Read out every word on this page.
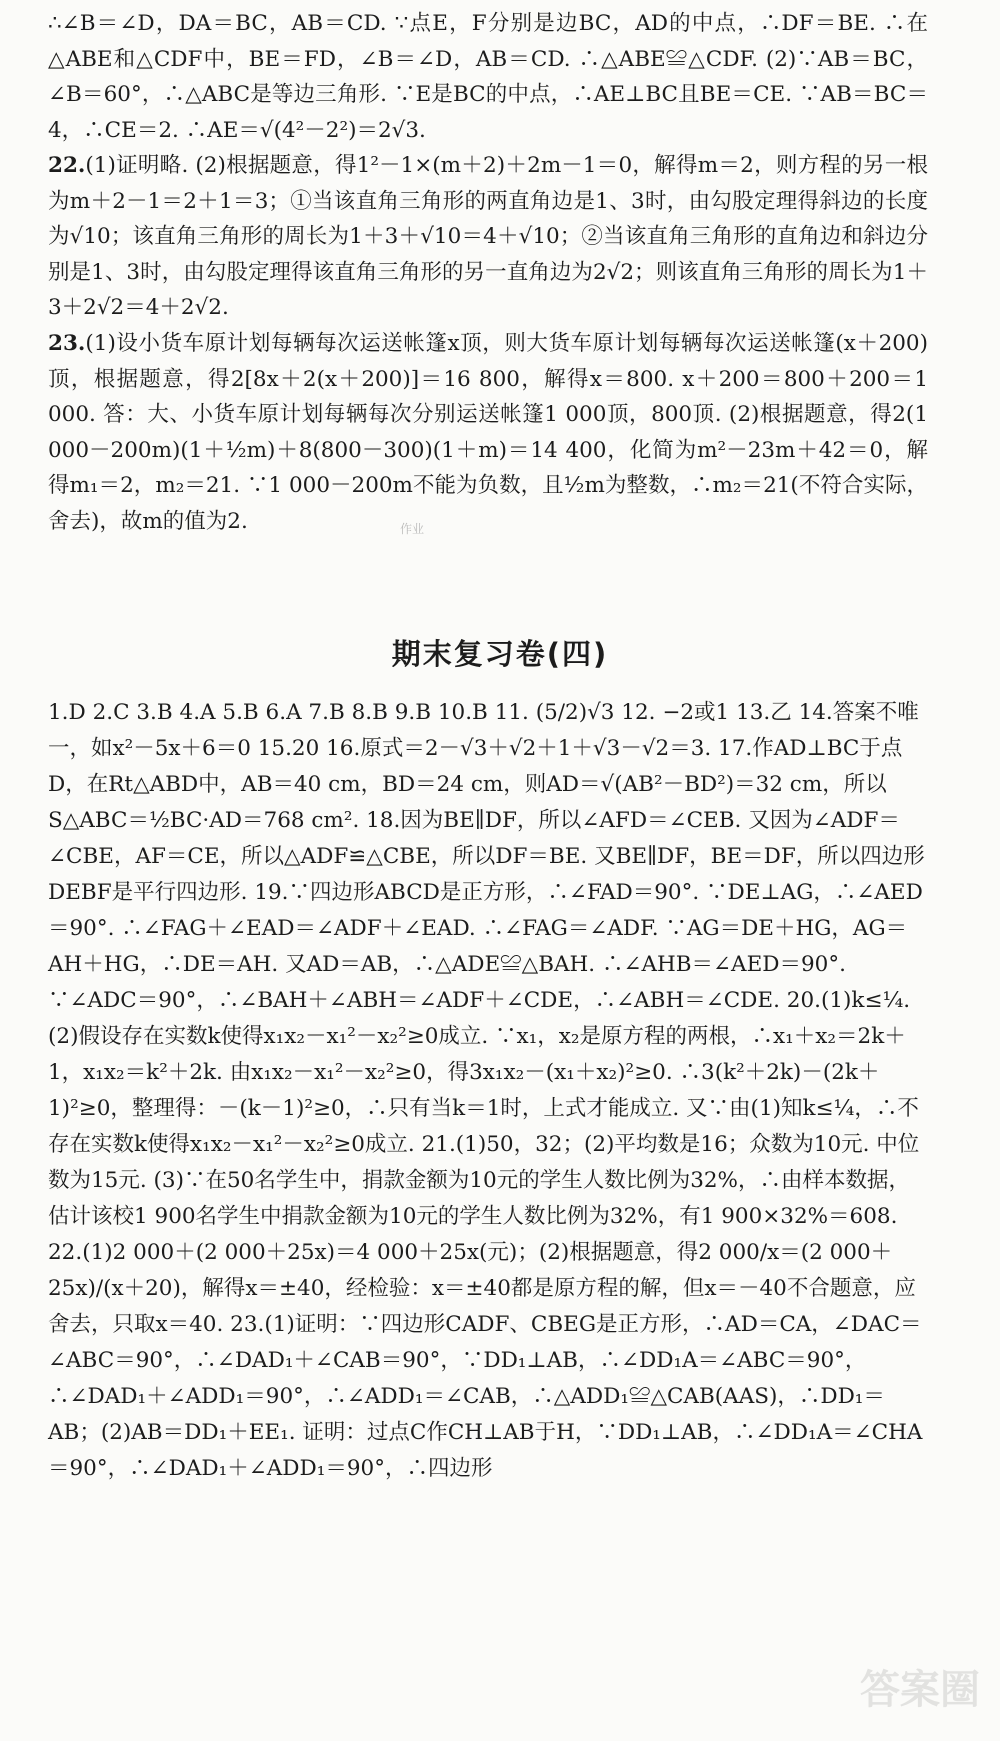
∴∠B＝∠D，DA＝BC，AB＝CD. ∵点E，F分别是边BC，AD的中点，∴DF＝BE. ∴在△ABE和△CDF中，BE＝FD，∠B＝∠D，AB＝CD. ∴△ABE≌△CDF. (2)∵AB＝BC，∠B＝60°，∴△ABC是等边三角形. ∵E是BC的中点，∴AE⊥BC且BE＝CE. ∵AB＝BC＝4，∴CE＝2. ∴AE＝√(4²－2²)＝2√3.
22.(1)证明略. (2)根据题意，得1²－1×(m＋2)＋2m－1＝0，解得m＝2，则方程的另一根为m＋2－1＝2＋1＝3；①当该直角三角形的两直角边是1、3时，由勾股定理得斜边的长度为√10；该直角三角形的周长为1＋3＋√10＝4＋√10；②当该直角三角形的直角边和斜边分别是1、3时，由勾股定理得该直角三角形的另一直角边为2√2；则该直角三角形的周长为1＋3＋2√2＝4＋2√2.
23.(1)设小货车原计划每辆每次运送帐篷x顶，则大货车原计划每辆每次运送帐篷(x＋200)顶，根据题意，得2[8x＋2(x＋200)]＝16 800，解得x＝800. x＋200＝800＋200＝1 000. 答：大、小货车原计划每辆每次分别运送帐篷1 000顶，800顶. (2)根据题意，得2(1 000－200m)(1＋½m)＋8(800－300)(1＋m)＝14 400，化简为m²－23m＋42＝0，解得m₁＝2，m₂＝21. ∵1 000－200m不能为负数，且½m为整数，∴m₂＝21(不符合实际，舍去)，故m的值为2.	作业
期末复习卷(四)
1.D 2.C 3.B 4.A 5.B 6.A 7.B 8.B 9.B 10.B 11. (5/2)√3 12. −2或1 13.乙 14.答案不唯一，如x²－5x＋6＝0 15.20 16.原式＝2－√3＋√2＋1＋√3－√2＝3. 17.作AD⊥BC于点D，在Rt△ABD中，AB＝40 cm，BD＝24 cm，则AD＝√(AB²－BD²)＝32 cm，所以S△ABC＝½BC·AD＝768 cm². 18.因为BE∥DF，所以∠AFD＝∠CEB. 又因为∠ADF＝∠CBE，AF＝CE，所以△ADF≌△CBE，所以DF＝BE. 又BE∥DF，BE＝DF，所以四边形DEBF是平行四边形. 19.∵四边形ABCD是正方形，∴∠FAD＝90°. ∵DE⊥AG，∴∠AED＝90°. ∴∠FAG＋∠EAD＝∠ADF＋∠EAD. ∴∠FAG＝∠ADF. ∵AG＝DE＋HG，AG＝AH＋HG，∴DE＝AH. 又AD＝AB，∴△ADE≌△BAH. ∴∠AHB＝∠AED＝90°. ∵∠ADC＝90°，∴∠BAH＋∠ABH＝∠ADF＋∠CDE，∴∠ABH＝∠CDE. 20.(1)k≤¼. (2)假设存在实数k使得x₁x₂－x₁²－x₂²≥0成立. ∵x₁，x₂是原方程的两根，∴x₁＋x₂＝2k＋1，x₁x₂＝k²＋2k. 由x₁x₂－x₁²－x₂²≥0，得3x₁x₂－(x₁＋x₂)²≥0. ∴3(k²＋2k)－(2k＋1)²≥0，整理得：－(k－1)²≥0，∴只有当k＝1时，上式才能成立. 又∵由(1)知k≤¼，∴不存在实数k使得x₁x₂－x₁²－x₂²≥0成立. 21.(1)50，32；(2)平均数是16；众数为10元. 中位数为15元. (3)∵在50名学生中，捐款金额为10元的学生人数比例为32%，∴由样本数据，估计该校1 900名学生中捐款金额为10元的学生人数比例为32%，有1 900×32%＝608. 22.(1)2 000＋(2 000＋25x)＝4 000＋25x(元)；(2)根据题意，得2 000/x＝(2 000＋25x)/(x＋20)，解得x＝±40，经检验：x＝±40都是原方程的解，但x＝－40不合题意，应舍去，只取x＝40. 23.(1)证明：∵四边形CADF、CBEG是正方形，∴AD＝CA，∠DAC＝∠ABC＝90°，∴∠DAD₁＋∠CAB＝90°，∵DD₁⊥AB，∴∠DD₁A＝∠ABC＝90°，∴∠DAD₁＋∠ADD₁＝90°，∴∠ADD₁＝∠CAB，∴△ADD₁≌△CAB(AAS)，∴DD₁＝AB；(2)AB＝DD₁＋EE₁. 证明：过点C作CH⊥AB于H，∵DD₁⊥AB，∴∠DD₁A＝∠CHA＝90°，∴∠DAD₁＋∠ADD₁＝90°，∴四边形
答案圈
